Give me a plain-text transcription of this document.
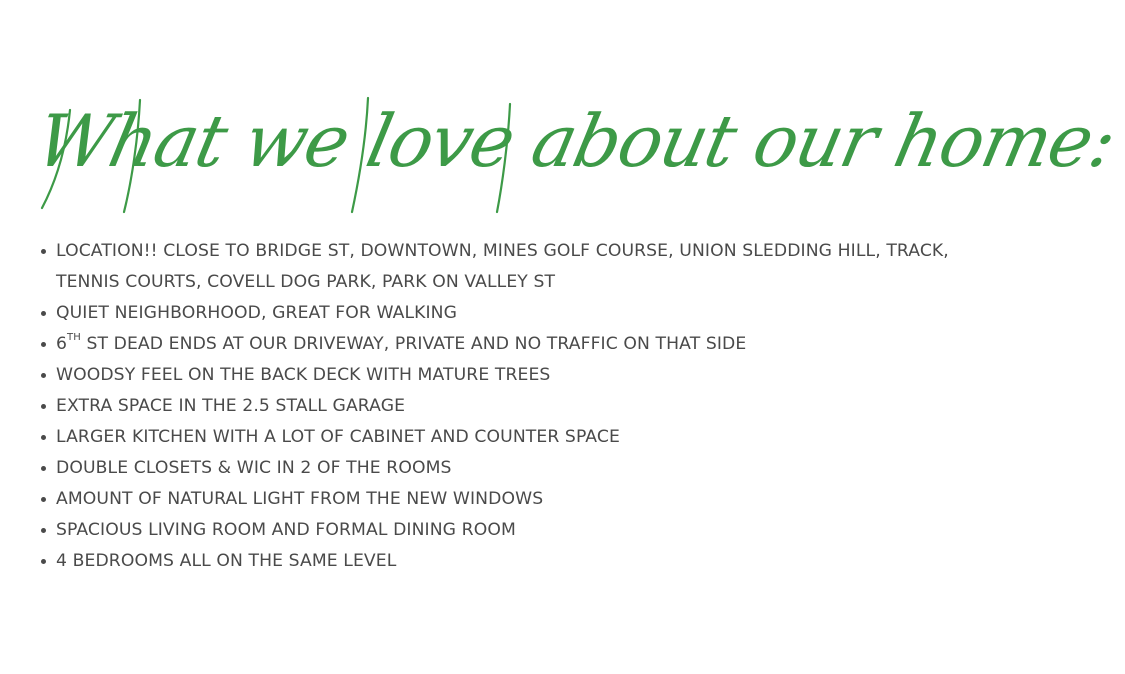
What we love about our home:
LOCATION!! CLOSE TO BRIDGE ST, DOWNTOWN, MINES GOLF COURSE, UNION SLEDDING HILL, TRACK, TENNIS COURTS, COVELL DOG PARK, PARK ON VALLEY ST
QUIET NEIGHBORHOOD, GREAT FOR WALKING
6TH ST DEAD ENDS AT OUR DRIVEWAY, PRIVATE AND NO TRAFFIC ON THAT SIDE
WOODSY FEEL ON THE BACK DECK WITH MATURE TREES
EXTRA SPACE IN THE 2.5 STALL GARAGE
LARGER KITCHEN WITH A LOT OF CABINET AND COUNTER SPACE
DOUBLE CLOSETS & WIC IN 2 OF THE ROOMS
AMOUNT OF NATURAL LIGHT FROM THE NEW WINDOWS
SPACIOUS LIVING ROOM AND FORMAL DINING ROOM
4 BEDROOMS ALL ON THE SAME LEVEL
